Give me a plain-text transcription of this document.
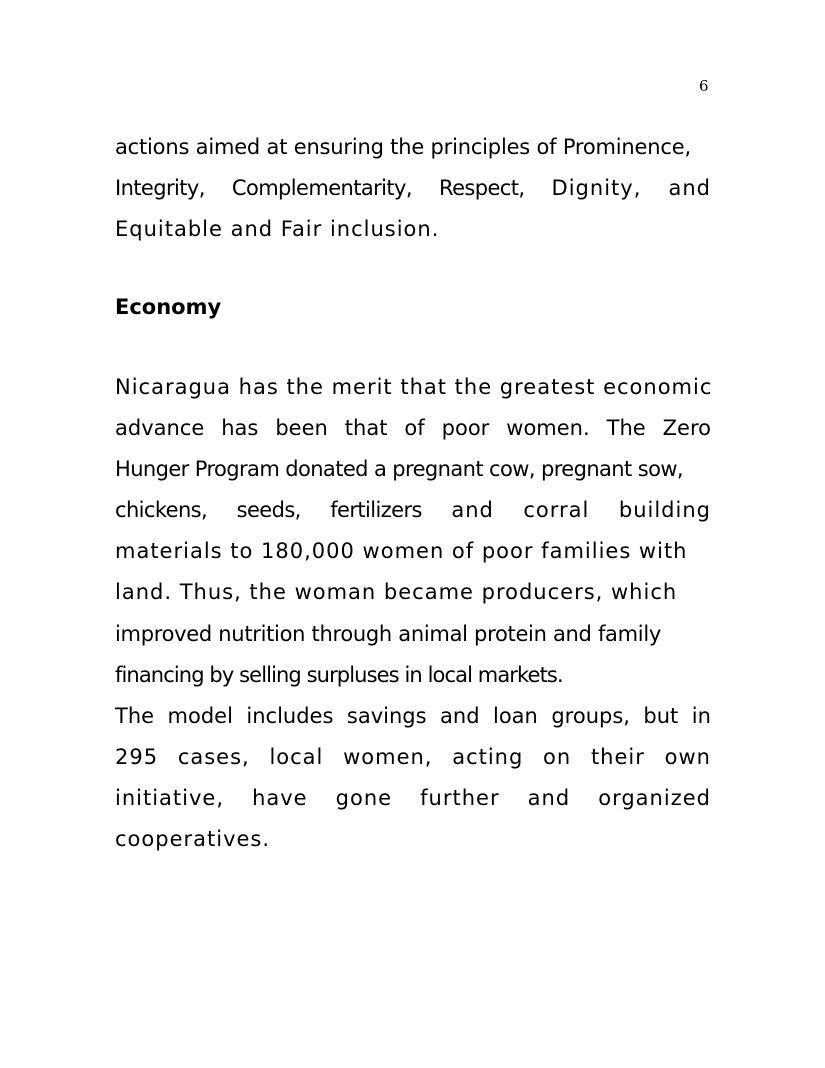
6
actions aimed at ensuring the principles of Prominence,
Integrity, Complementarity, Respect, Dignity, and
Equitable and Fair inclusion.
Economy
Nicaragua has the merit that the greatest economic
advance has been that of poor women. The Zero
Hunger Program donated a pregnant cow, pregnant sow,
chickens, seeds, fertilizers and corral building
materials to 180,000 women of poor families with
land. Thus, the woman became producers, which
improved nutrition through animal protein and family
financing by selling surpluses in local markets.
The model includes savings and loan groups, but in
295 cases, local women, acting on their own
initiative, have gone further and organized
cooperatives.
